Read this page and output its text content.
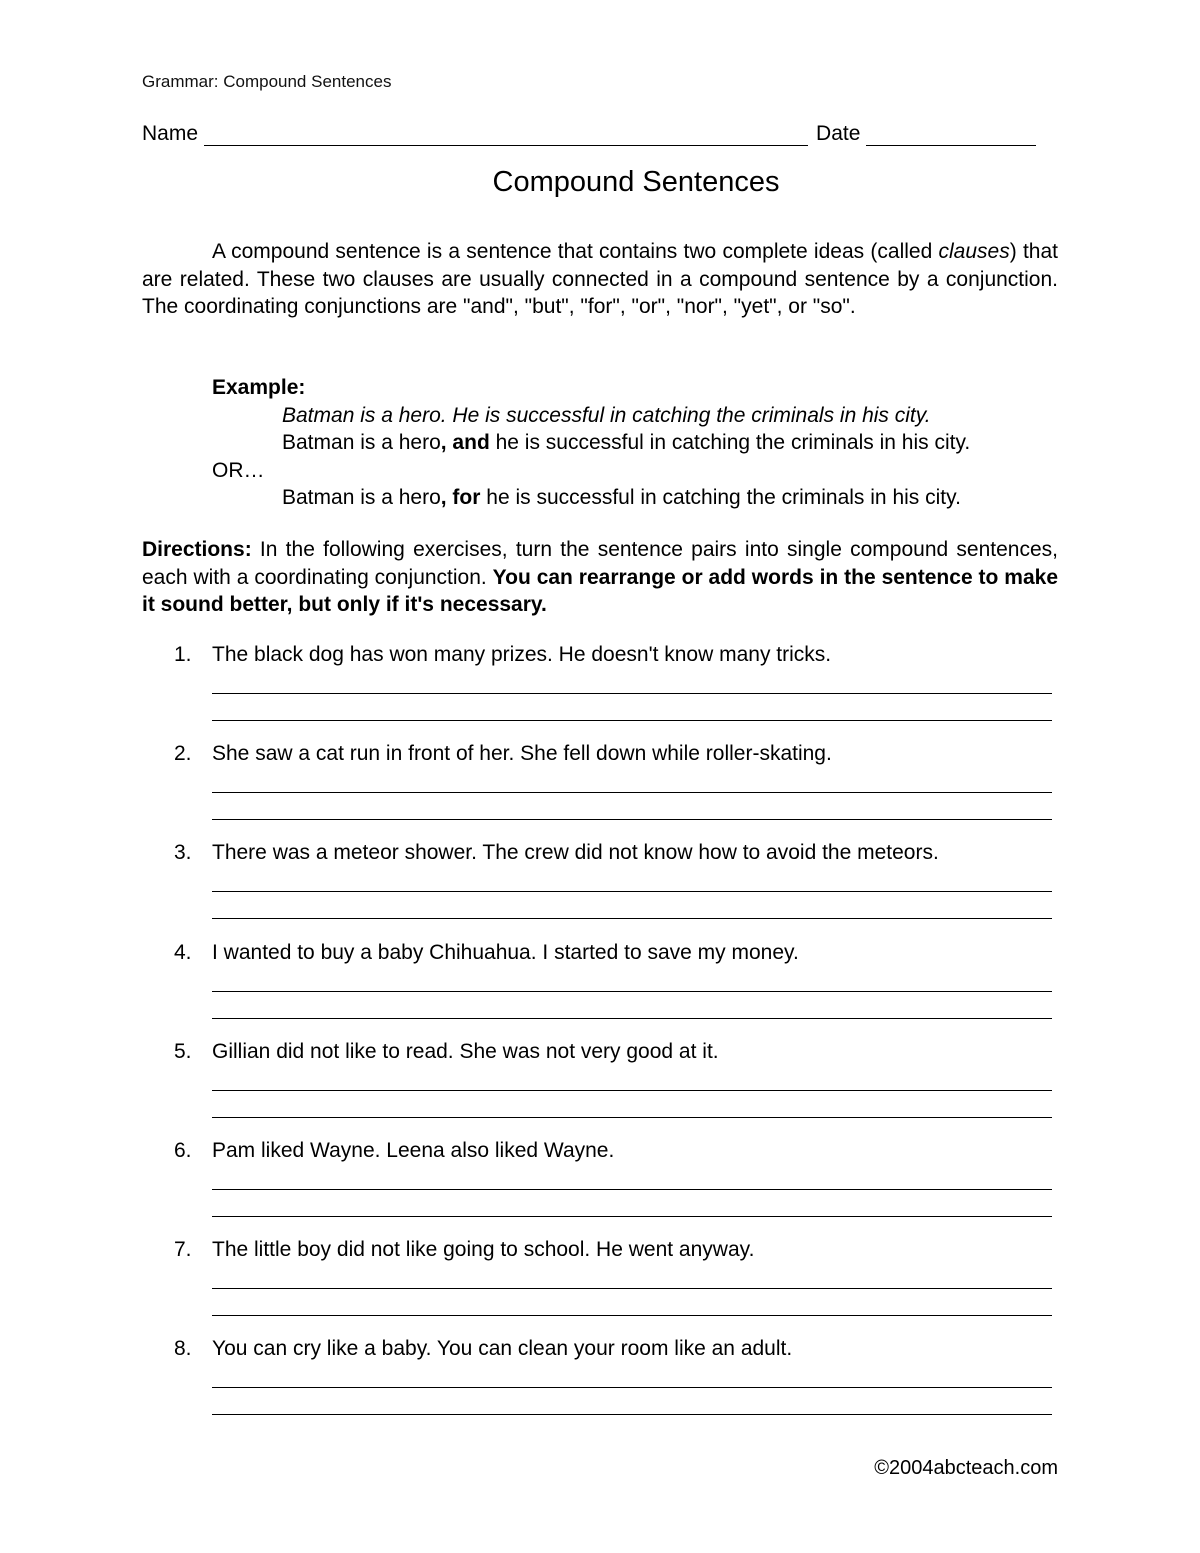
Grammar: Compound Sentences
Name	Date
Compound Sentences
A compound sentence is a sentence that contains two complete ideas (called clauses) that are related. These two clauses are usually connected in a compound sentence by a conjunction. The coordinating conjunctions are "and", "but", "for", "or", "nor", "yet", or "so".
Example:
Batman is a hero. He is successful in catching the criminals in his city.
Batman is a hero, and he is successful in catching the criminals in his city.
OR…
Batman is a hero, for he is successful in catching the criminals in his city.
Directions: In the following exercises, turn the sentence pairs into single compound sentences, each with a coordinating conjunction. You can rearrange or add words in the sentence to make it sound better, but only if it's necessary.
1. The black dog has won many prizes. He doesn't know many tricks.
2. She saw a cat run in front of her. She fell down while roller-skating.
3. There was a meteor shower. The crew did not know how to avoid the meteors.
4. I wanted to buy a baby Chihuahua. I started to save my money.
5. Gillian did not like to read. She was not very good at it.
6. Pam liked Wayne. Leena also liked Wayne.
7. The little boy did not like going to school. He went anyway.
8. You can cry like a baby. You can clean your room like an adult.
©2004abcteach.com
